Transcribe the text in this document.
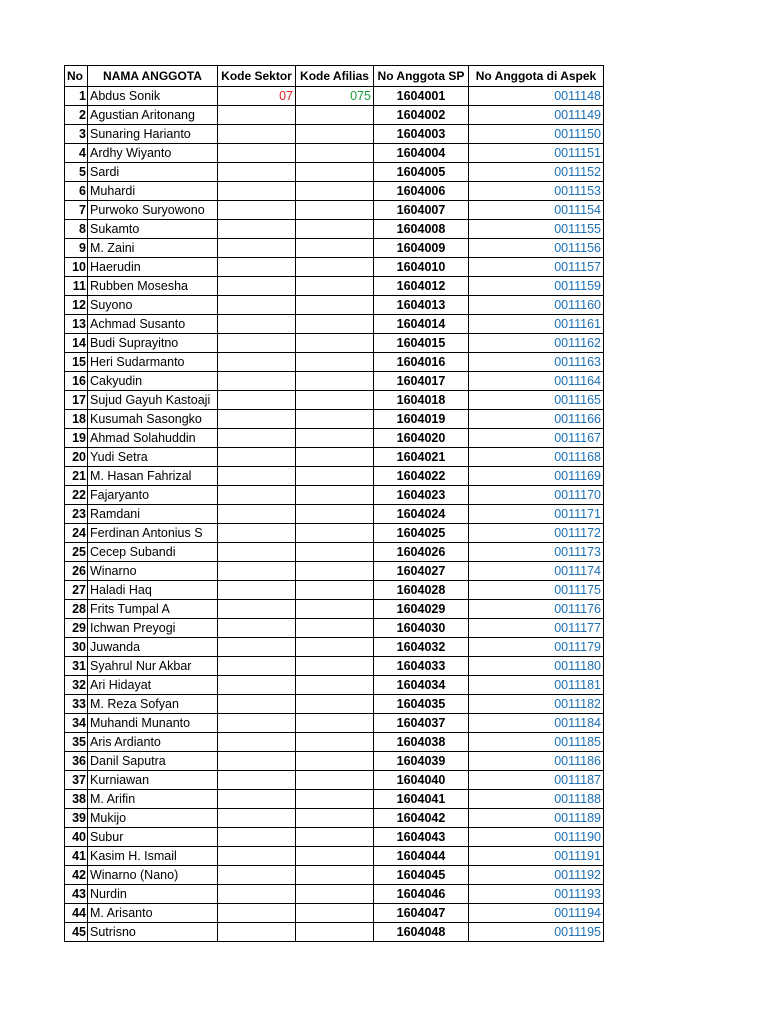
No	NAMA ANGGOTA	Kode Sektor	Kode Afilias	No Anggota SP	No Anggota di Aspek
1	Abdus Sonik	07	075	1604001	0011148
2	Agustian Aritonang			1604002	0011149
3	Sunaring Harianto			1604003	0011150
4	Ardhy Wiyanto			1604004	0011151
5	Sardi			1604005	0011152
6	Muhardi			1604006	0011153
7	Purwoko Suryowono			1604007	0011154
8	Sukamto			1604008	0011155
9	M. Zaini			1604009	0011156
10	Haerudin			1604010	0011157
11	Rubben Mosesha			1604012	0011159
12	Suyono			1604013	0011160
13	Achmad Susanto			1604014	0011161
14	Budi Suprayitno			1604015	0011162
15	Heri Sudarmanto			1604016	0011163
16	Cakyudin			1604017	0011164
17	Sujud Gayuh Kastoaji			1604018	0011165
18	Kusumah Sasongko			1604019	0011166
19	Ahmad Solahuddin			1604020	0011167
20	Yudi Setra			1604021	0011168
21	M. Hasan Fahrizal			1604022	0011169
22	Fajaryanto			1604023	0011170
23	Ramdani			1604024	0011171
24	Ferdinan Antonius S			1604025	0011172
25	Cecep Subandi			1604026	0011173
26	Winarno			1604027	0011174
27	Haladi Haq			1604028	0011175
28	Frits Tumpal A			1604029	0011176
29	Ichwan Preyogi			1604030	0011177
30	Juwanda			1604032	0011179
31	Syahrul Nur Akbar			1604033	0011180
32	Ari Hidayat			1604034	0011181
33	M. Reza Sofyan			1604035	0011182
34	Muhandi Munanto			1604037	0011184
35	Aris Ardianto			1604038	0011185
36	Danil Saputra			1604039	0011186
37	Kurniawan			1604040	0011187
38	M. Arifin			1604041	0011188
39	Mukijo			1604042	0011189
40	Subur			1604043	0011190
41	Kasim H. Ismail			1604044	0011191
42	Winarno (Nano)			1604045	0011192
43	Nurdin			1604046	0011193
44	M. Arisanto			1604047	0011194
45	Sutrisno			1604048	0011195
